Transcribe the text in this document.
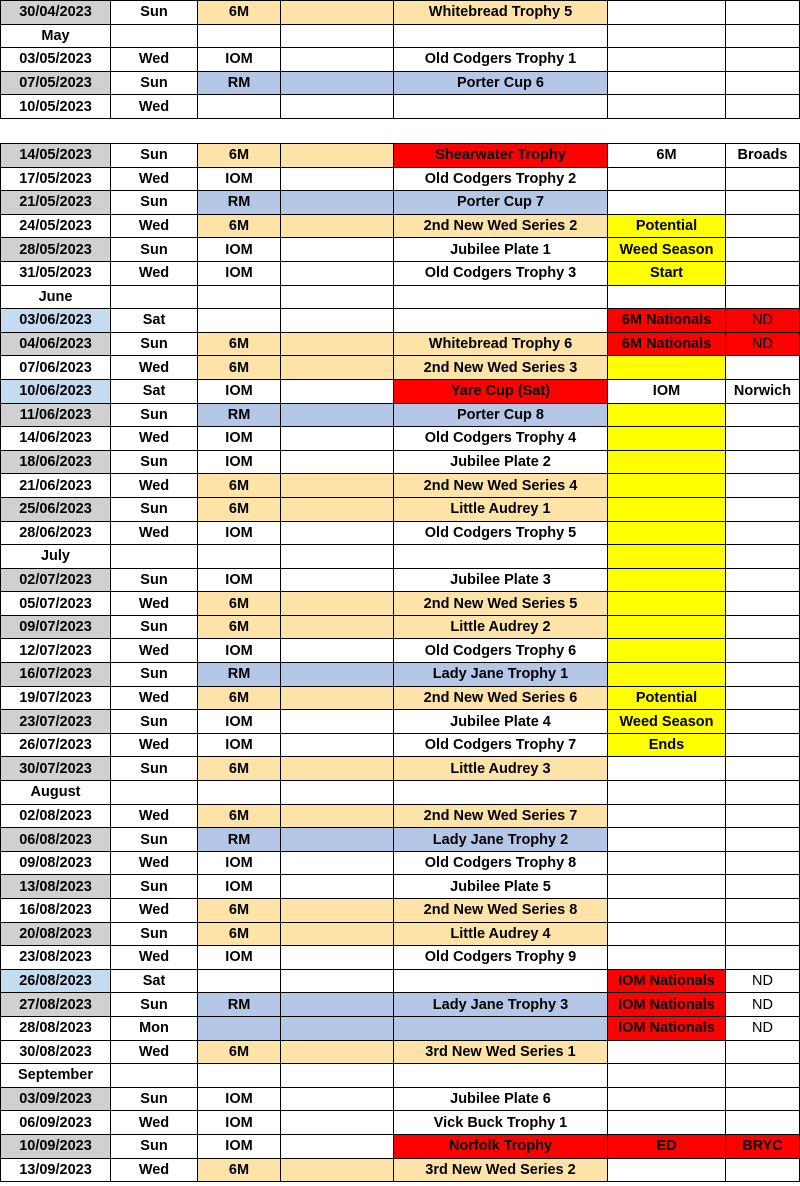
30/04/2023	Sun	6M		Whitebread Trophy 5		
May						
03/05/2023	Wed	IOM		Old Codgers Trophy 1		
07/05/2023	Sun	RM		Porter Cup 6		
10/05/2023	Wed					
14/05/2023	Sun	6M		Shearwater Trophy	6M	Broads
17/05/2023	Wed	IOM		Old Codgers Trophy 2		
21/05/2023	Sun	RM		Porter Cup 7		
24/05/2023	Wed	6M		2nd New Wed Series 2	Potential	
28/05/2023	Sun	IOM		Jubilee Plate 1	Weed Season	
31/05/2023	Wed	IOM		Old Codgers Trophy 3	Start	
June						
03/06/2023	Sat				6M Nationals	ND
04/06/2023	Sun	6M		Whitebread Trophy 6	6M Nationals	ND
07/06/2023	Wed	6M		2nd New Wed Series 3		
10/06/2023	Sat	IOM		Yare Cup (Sat)	IOM	Norwich
11/06/2023	Sun	RM		Porter Cup 8		
14/06/2023	Wed	IOM		Old Codgers Trophy 4		
18/06/2023	Sun	IOM		Jubilee Plate 2		
21/06/2023	Wed	6M		2nd New Wed Series 4		
25/06/2023	Sun	6M		Little Audrey 1		
28/06/2023	Wed	IOM		Old Codgers Trophy 5		
July						
02/07/2023	Sun	IOM		Jubilee Plate 3		
05/07/2023	Wed	6M		2nd New Wed Series 5		
09/07/2023	Sun	6M		Little Audrey 2		
12/07/2023	Wed	IOM		Old Codgers Trophy 6		
16/07/2023	Sun	RM		Lady Jane Trophy 1		
19/07/2023	Wed	6M		2nd New Wed Series 6	Potential	
23/07/2023	Sun	IOM		Jubilee Plate 4	Weed Season	
26/07/2023	Wed	IOM		Old Codgers Trophy 7	Ends	
30/07/2023	Sun	6M		Little Audrey 3		
August						
02/08/2023	Wed	6M		2nd New Wed Series 7		
06/08/2023	Sun	RM		Lady Jane Trophy 2		
09/08/2023	Wed	IOM		Old Codgers Trophy 8		
13/08/2023	Sun	IOM		Jubilee Plate 5		
16/08/2023	Wed	6M		2nd New Wed Series 8		
20/08/2023	Sun	6M		Little Audrey 4		
23/08/2023	Wed	IOM		Old Codgers Trophy 9		
26/08/2023	Sat				IOM Nationals	ND
27/08/2023	Sun	RM		Lady Jane Trophy 3	IOM Nationals	ND
28/08/2023	Mon				IOM Nationals	ND
30/08/2023	Wed	6M		3rd New Wed Series 1		
September						
03/09/2023	Sun	IOM		Jubilee Plate 6		
06/09/2023	Wed	IOM		Vick Buck Trophy 1		
10/09/2023	Sun	IOM		Norfolk Trophy	ED	BRYC
13/09/2023	Wed	6M		3rd New Wed Series 2		
